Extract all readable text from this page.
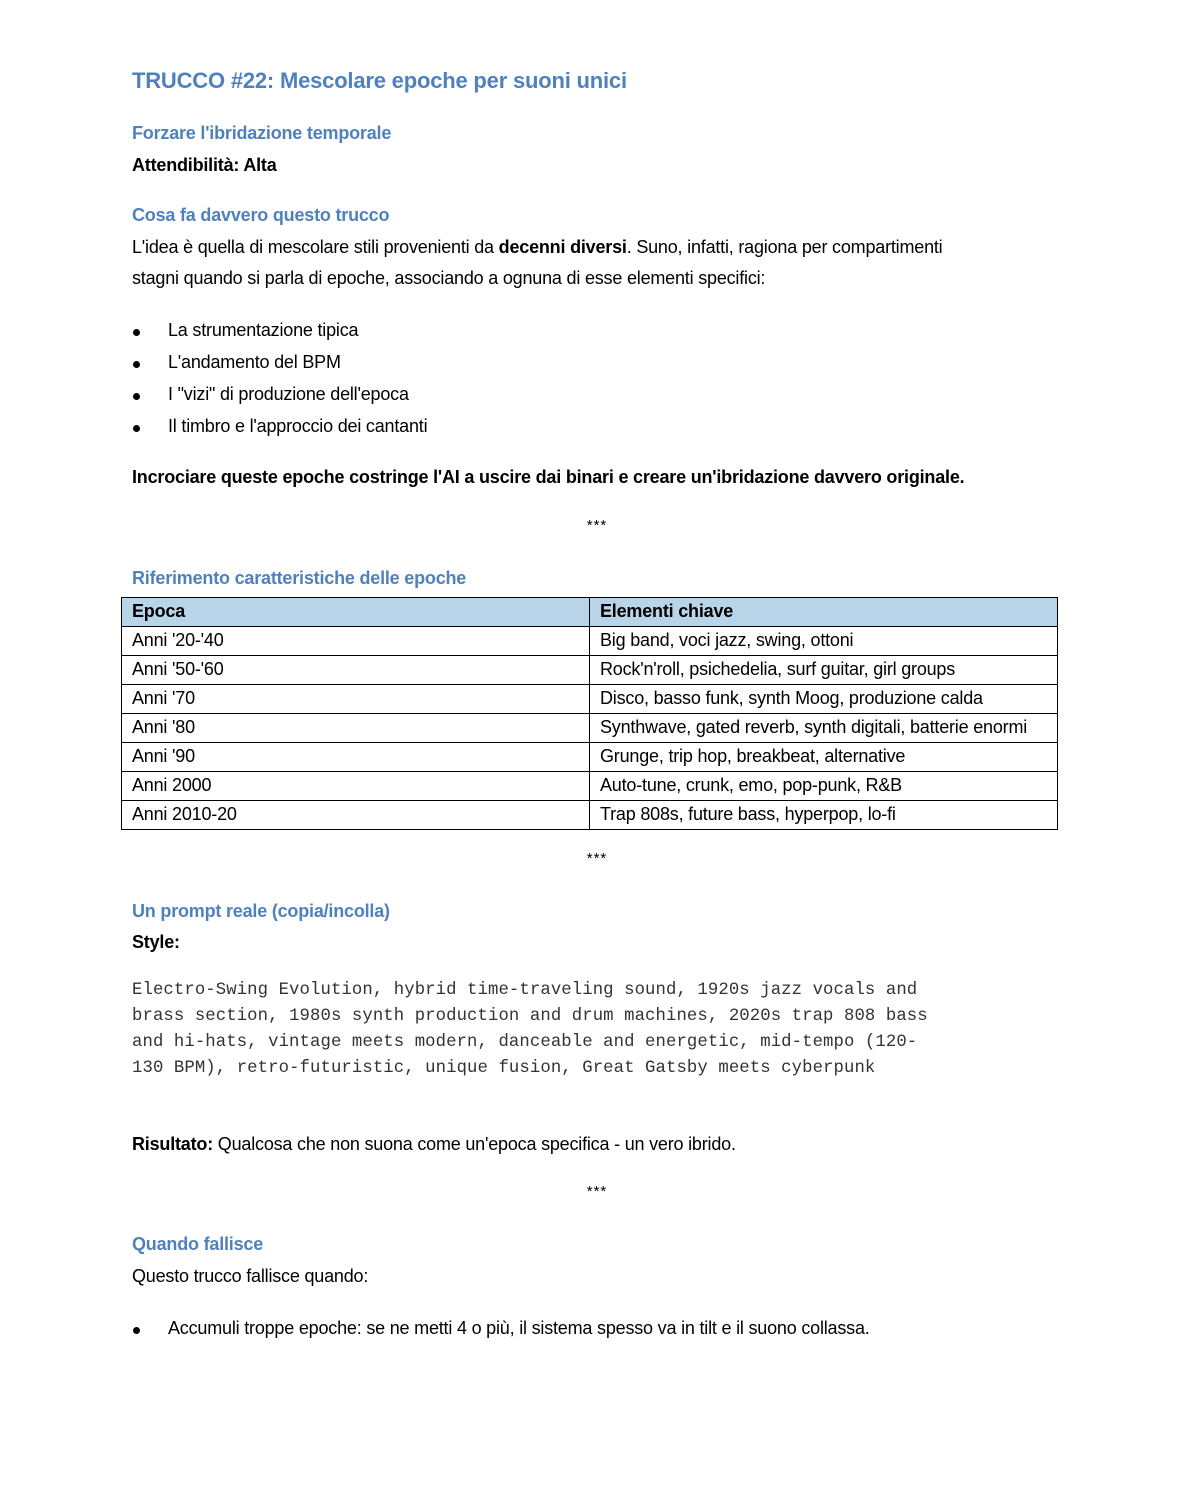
TRUCCO #22: Mescolare epoche per suoni unici
Forzare l'ibridazione temporale

Attendibilità: Alta

Cosa fa davvero questo trucco

L'idea è quella di mescolare stili provenienti da decenni diversi. Suno, infatti, ragiona per compartimenti

stagni quando si parla di epoche, associando a ognuna di esse elementi specifici:

La strumentazione tipica
L'andamento del BPM
I "vizi" di produzione dell'epoca
Il timbro e l'approccio dei cantanti

Incrociare queste epoche costringe l'AI a uscire dai binari e creare un'ibridazione davvero originale.

***

Riferimento caratteristiche delle epoche
Epoca	Elementi chiave
Anni '20-'40	Big band, voci jazz, swing, ottoni
Anni '50-'60	Rock'n'roll, psichedelia, surf guitar, girl groups
Anni '70	Disco, basso funk, synth Moog, produzione calda
Anni '80	Synthwave, gated reverb, synth digitali, batterie enormi
Anni '90	Grunge, trip hop, breakbeat, alternative
Anni 2000	Auto-tune, crunk, emo, pop-punk, R&B
Anni 2010-20	Trap 808s, future bass, hyperpop, lo-fi

***

Un prompt reale (copia/incolla)

Style:

Electro-Swing Evolution, hybrid time-traveling sound, 1920s jazz vocals and
brass section, 1980s synth production and drum machines, 2020s trap 808 bass
and hi-hats, vintage meets modern, danceable and energetic, mid-tempo (120-
130 BPM), retro-futuristic, unique fusion, Great Gatsby meets cyberpunk

Risultato: Qualcosa che non suona come un'epoca specifica - un vero ibrido.

***

Quando fallisce

Questo trucco fallisce quando:

Accumuli troppe epoche: se ne metti 4 o più, il sistema spesso va in tilt e il suono collassa.
